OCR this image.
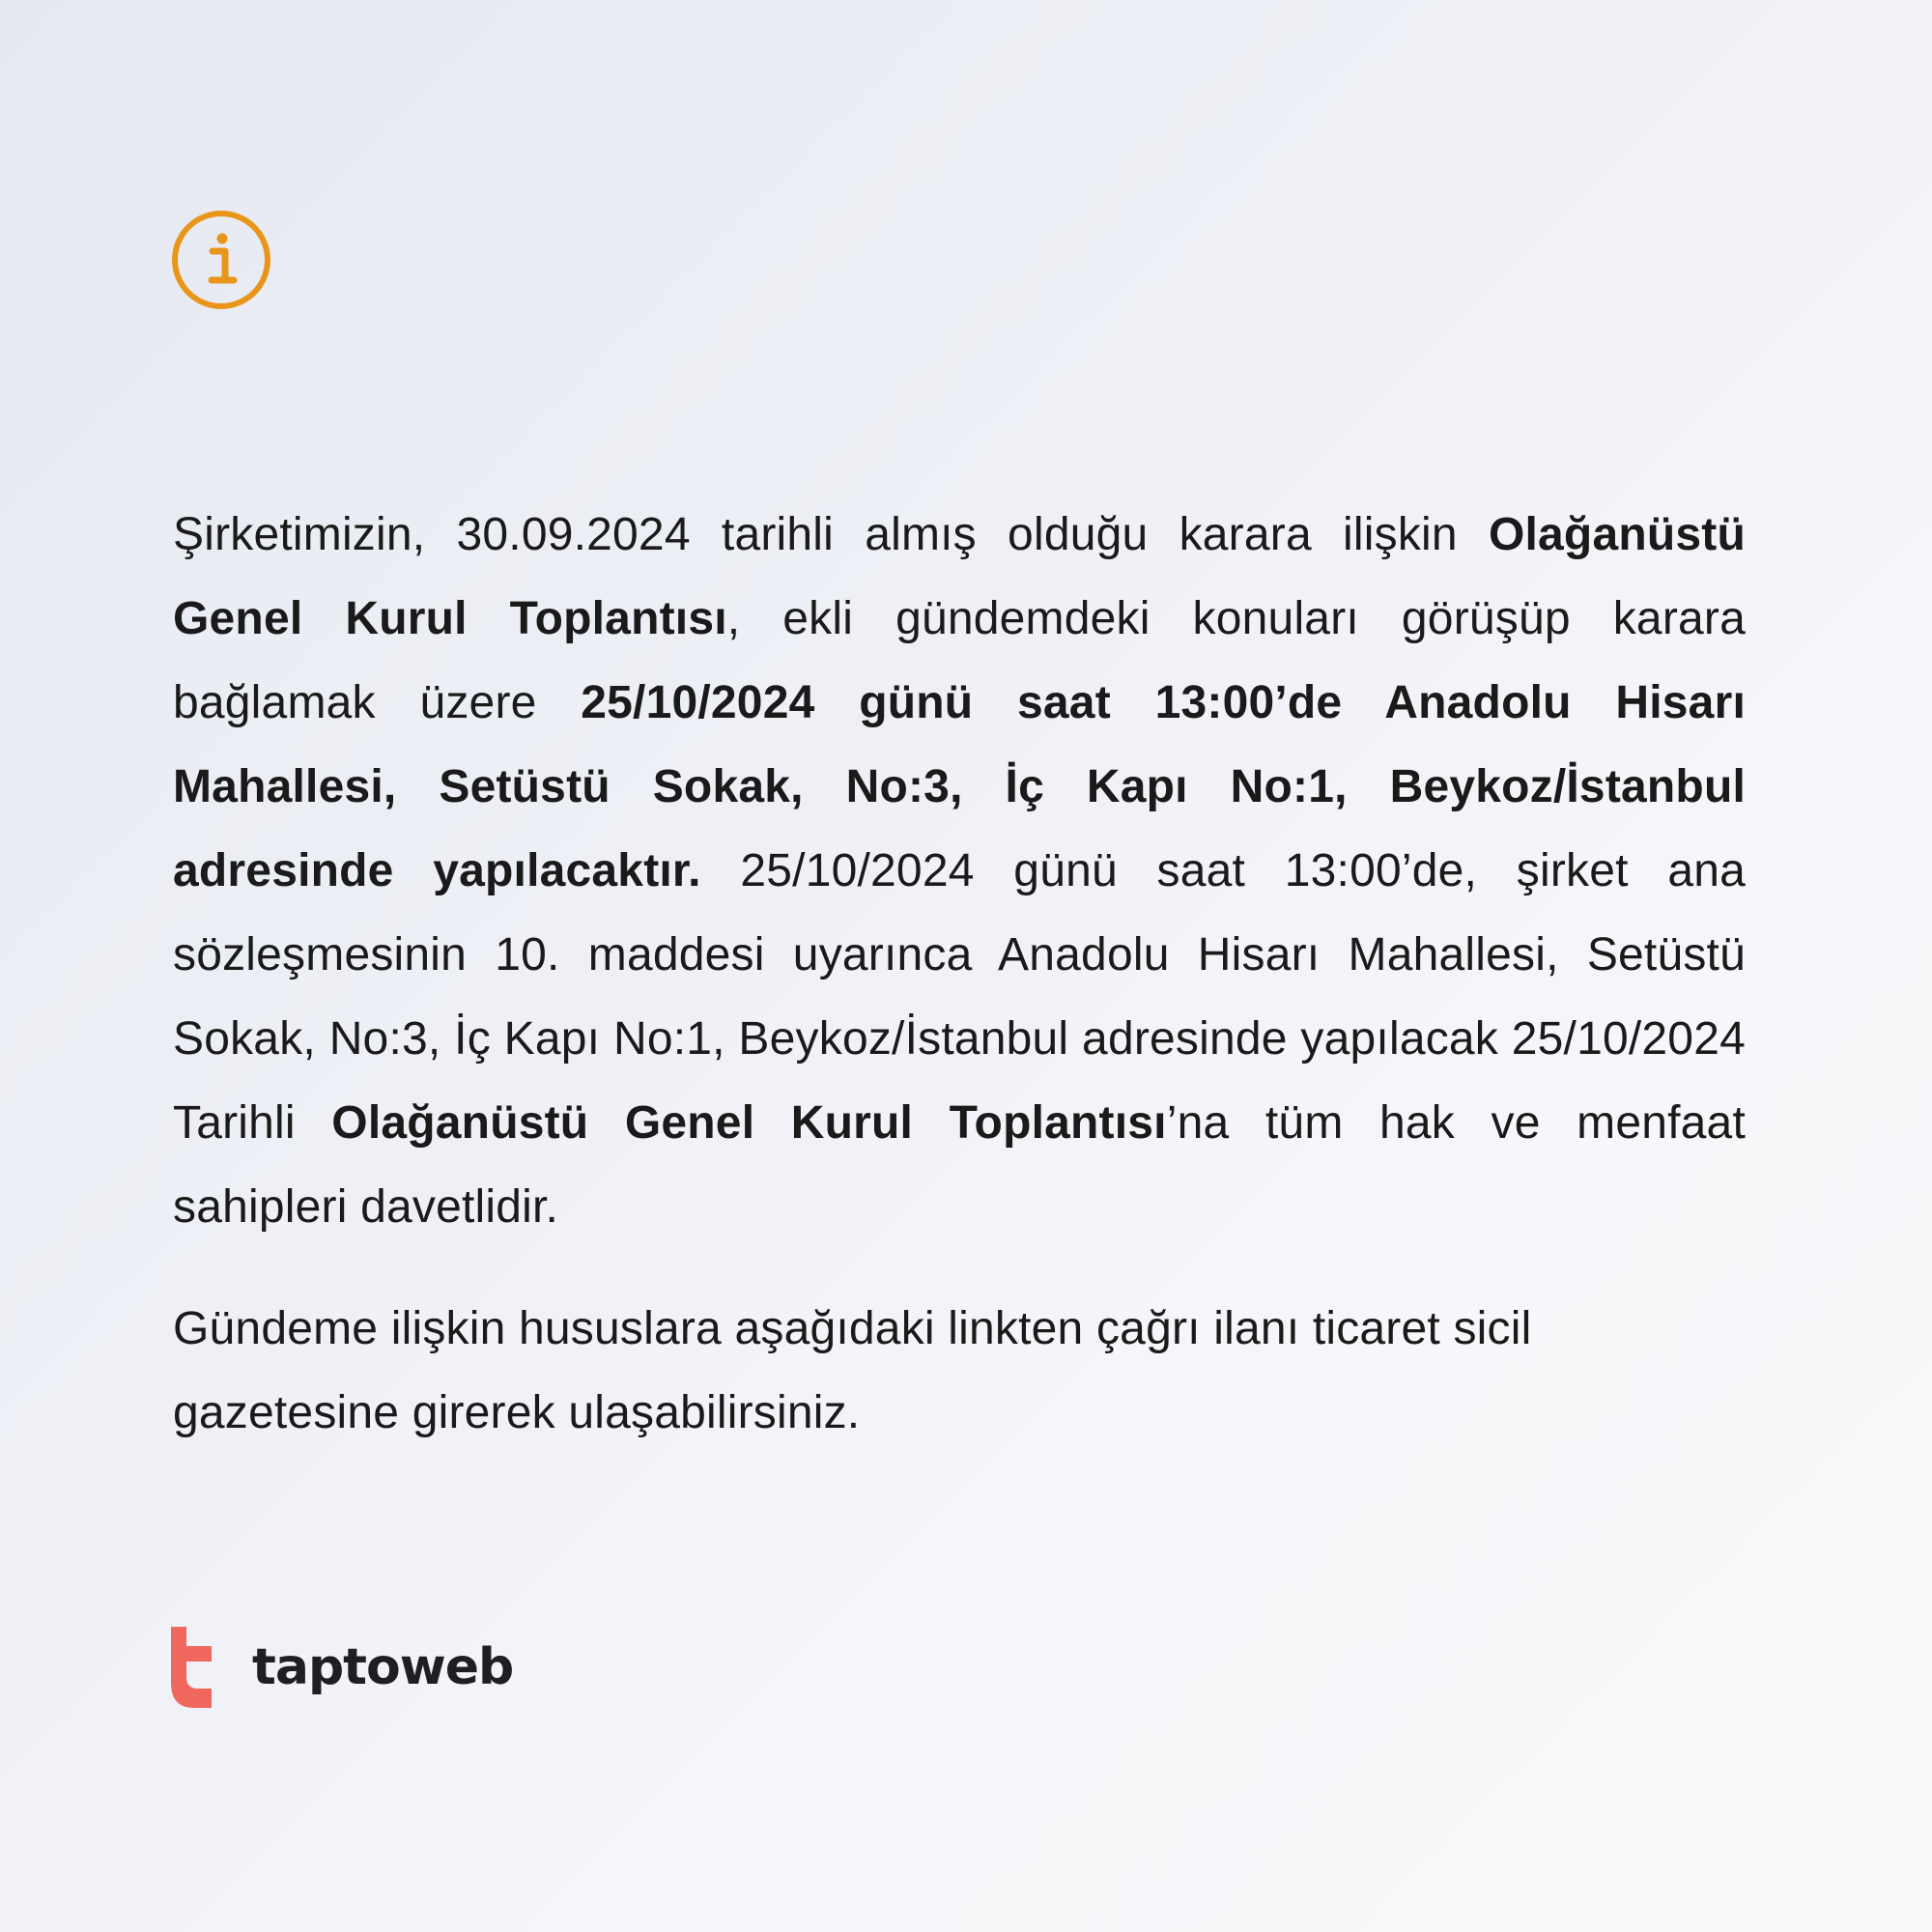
Şirketimizin, 30.09.2024 tarihli almış olduğu karara ilişkin Olağanüstü Genel Kurul Toplantısı, ekli gündemdeki konuları görüşüp karara bağlamak üzere 25/10/2024 günü saat 13:00’de Anadolu Hisarı Mahallesi, Setüstü Sokak, No:3, İç Kapı No:1, Beykoz/İstanbul adresinde yapılacaktır. 25/10/2024 günü saat 13:00’de, şirket ana sözleşmesinin 10. maddesi uyarınca Anadolu Hisarı Mahallesi, Setüstü Sokak, No:3, İç Kapı No:1, Beykoz/İstanbul adresinde yapılacak 25/10/2024 Tarihli Olağanüstü Genel Kurul Toplantısı’na tüm hak ve menfaat sahipleri davetlidir.

Gündeme ilişkin hususlara aşağıdaki linkten çağrı ilanı ticaret sicil gazetesine girerek ulaşabilirsiniz.

taptoweb
